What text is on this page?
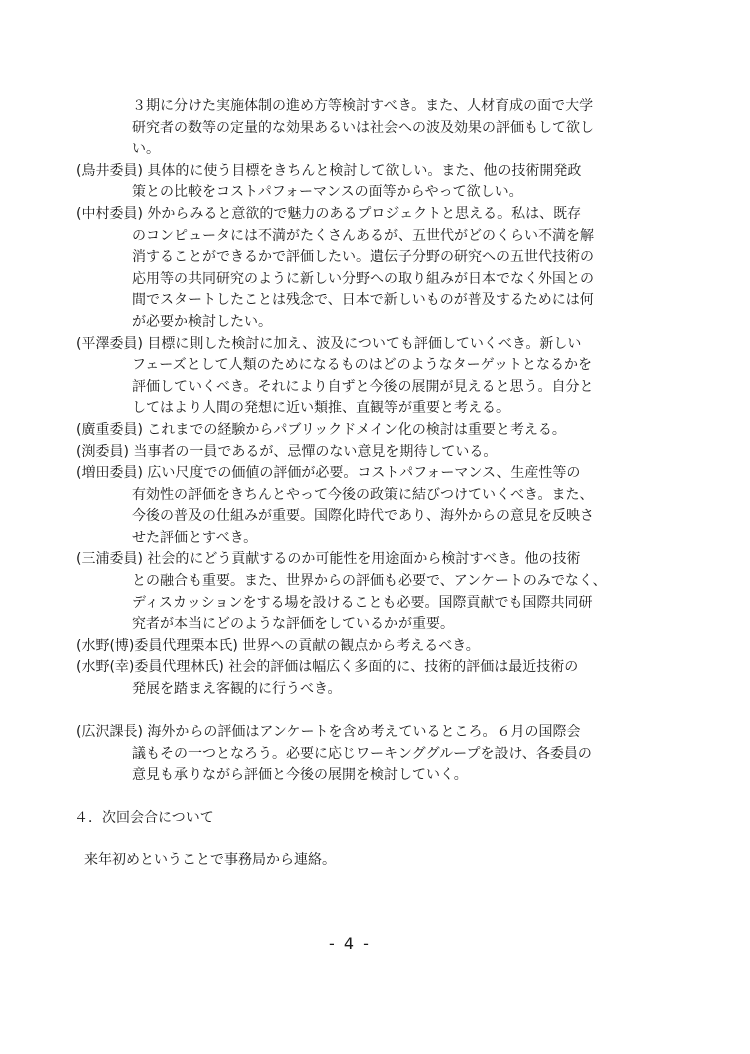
３期に分けた実施体制の進め方等検討すべき。また、人材育成の面で大学
研究者の数等の定量的な効果あるいは社会への波及効果の評価もして欲し
い。
(鳥井委員) 具体的に使う目標をきちんと検討して欲しい。また、他の技術開発政
策との比較をコストパフォーマンスの面等からやって欲しい。
(中村委員) 外からみると意欲的で魅力のあるプロジェクトと思える。私は、既存
のコンピュータには不満がたくさんあるが、五世代がどのくらい不満を解
消することができるかで評価したい。遺伝子分野の研究への五世代技術の
応用等の共同研究のように新しい分野への取り組みが日本でなく外国との
間でスタートしたことは残念で、日本で新しいものが普及するためには何
が必要か検討したい。
(平澤委員) 目標に則した検討に加え、波及についても評価していくべき。新しい
フェーズとして人類のためになるものはどのようなターゲットとなるかを
評価していくべき。それにより自ずと今後の展開が見えると思う。自分と
してはより人間の発想に近い類推、直観等が重要と考える。
(廣重委員) これまでの経験からパブリックドメイン化の検討は重要と考える。
(渕委員) 当事者の一員であるが、忌憚のない意見を期待している。
(増田委員) 広い尺度での価値の評価が必要。コストパフォーマンス、生産性等の
有効性の評価をきちんとやって今後の政策に結びつけていくべき。また、
今後の普及の仕組みが重要。国際化時代であり、海外からの意見を反映さ
せた評価とすべき。
(三浦委員) 社会的にどう貢献するのか可能性を用途面から検討すべき。他の技術
との融合も重要。また、世界からの評価も必要で、アンケートのみでなく、
ディスカッションをする場を設けることも必要。国際貢献でも国際共同研
究者が本当にどのような評価をしているかが重要。
(水野(博)委員代理栗本氏) 世界への貢献の観点から考えるべき。
(水野(幸)委員代理林氏) 社会的評価は幅広く多面的に、技術的評価は最近技術の
発展を踏まえ客観的に行うべき。
(広沢課長) 海外からの評価はアンケートを含め考えているところ。６月の国際会
議もその一つとなろう。必要に応じワーキンググループを設け、各委員の
意見も承りながら評価と今後の展開を検討していく。
４．次回会合について
来年初めということで事務局から連絡。
- 4 -
